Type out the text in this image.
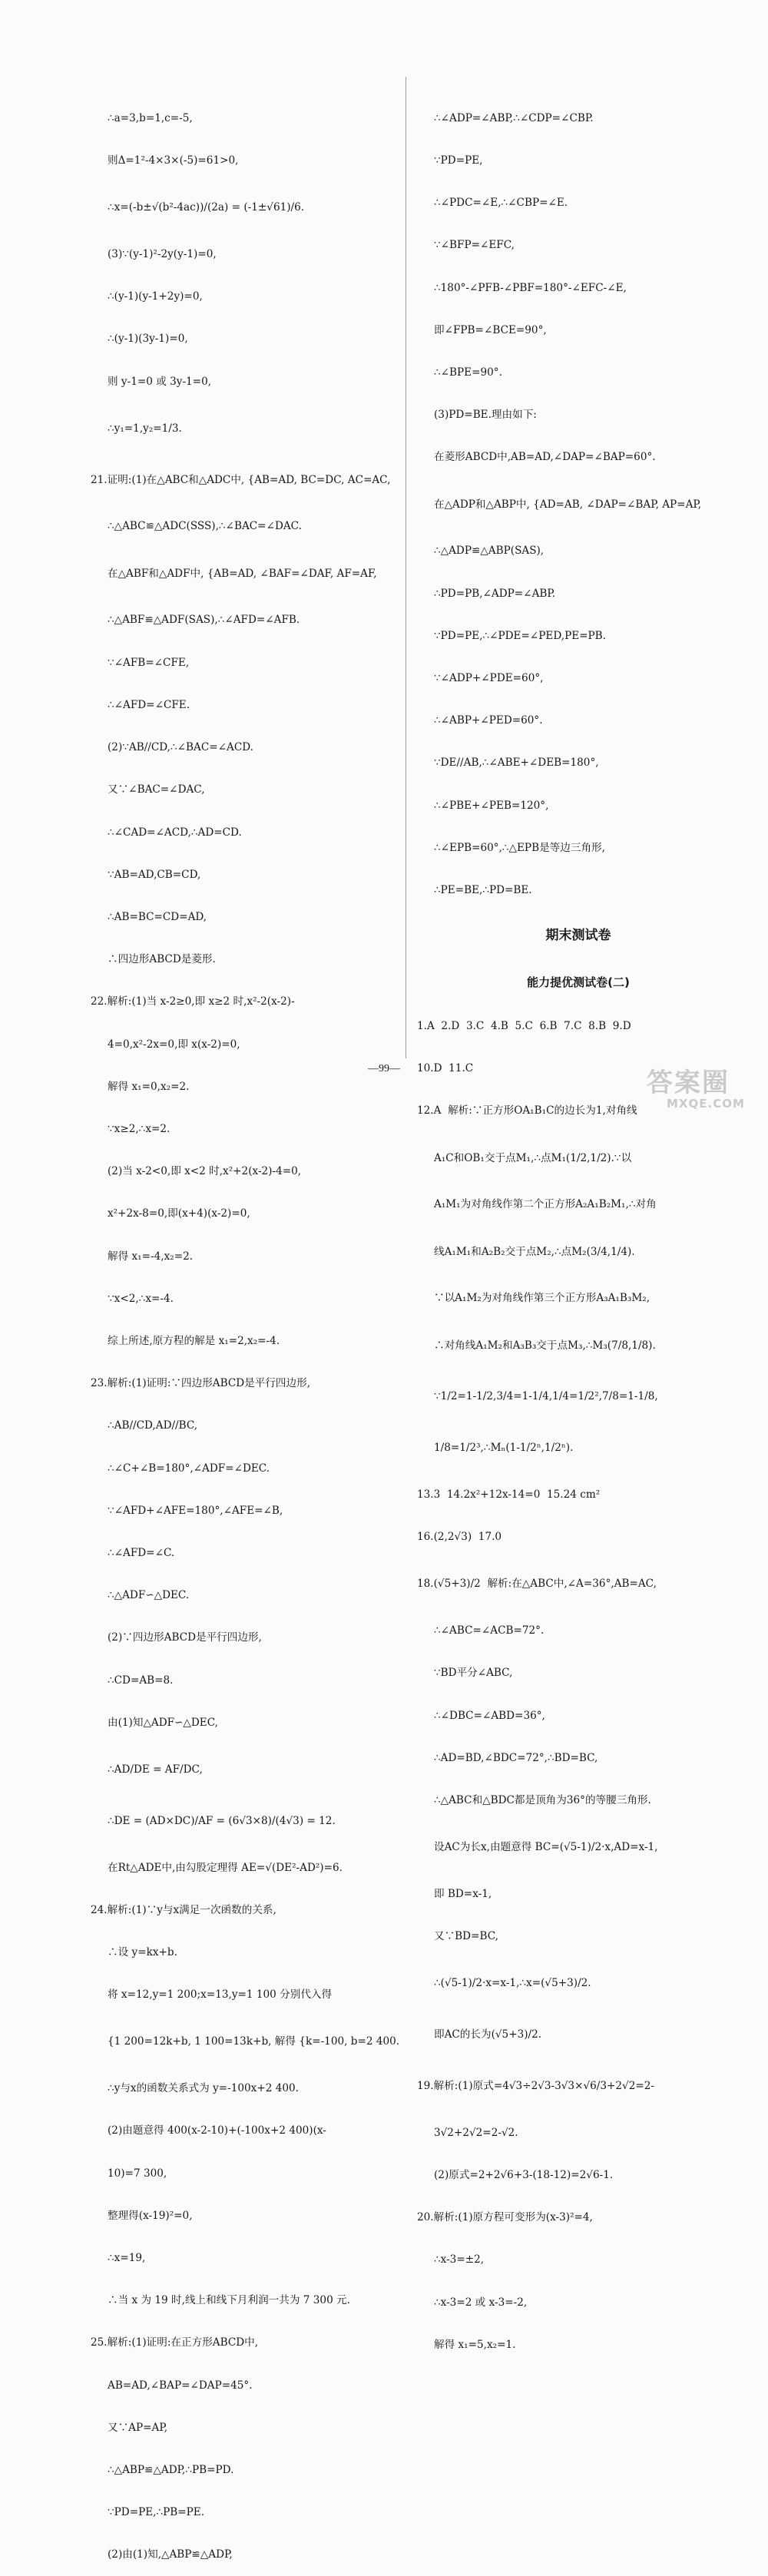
∴a=3,b=1,c=-5,

则Δ=1²-4×3×(-5)=61>0,

∴x=(-b±√(b²-4ac))/(2a) = (-1±√61)/6.

(3)∵(y-1)²-2y(y-1)=0,

∴(y-1)(y-1+2y)=0,

∴(y-1)(3y-1)=0,

则 y-1=0 或 3y-1=0,

∴y₁=1,y₂=1/3.

21.证明:(1)在△ABC和△ADC中, {AB=AD, BC=DC, AC=AC,

∴△ABC≌△ADC(SSS),∴∠BAC=∠DAC.

在△ABF和△ADF中, {AB=AD, ∠BAF=∠DAF, AF=AF,

∴△ABF≌△ADF(SAS),∴∠AFD=∠AFB.

∵∠AFB=∠CFE,

∴∠AFD=∠CFE.

(2)∵AB//CD,∴∠BAC=∠ACD.

又∵∠BAC=∠DAC,

∴∠CAD=∠ACD,∴AD=CD.

∵AB=AD,CB=CD,

∴AB=BC=CD=AD,

∴四边形ABCD是菱形.

22.解析:(1)当 x-2≥0,即 x≥2 时,x²-2(x-2)-

4=0,x²-2x=0,即 x(x-2)=0,

解得 x₁=0,x₂=2.

∵x≥2,∴x=2.

(2)当 x-2<0,即 x<2 时,x²+2(x-2)-4=0,

x²+2x-8=0,即(x+4)(x-2)=0,

解得 x₁=-4,x₂=2.

∵x<2,∴x=-4.

综上所述,原方程的解是 x₁=2,x₂=-4.

23.解析:(1)证明:∵四边形ABCD是平行四边形,

∴AB//CD,AD//BC,

∴∠C+∠B=180°,∠ADF=∠DEC.

∵∠AFD+∠AFE=180°,∠AFE=∠B,

∴∠AFD=∠C.

∴△ADF∽△DEC.

(2)∵四边形ABCD是平行四边形,

∴CD=AB=8.

由(1)知△ADF∽△DEC,

∴AD/DE = AF/DC,

∴DE = (AD×DC)/AF = (6√3×8)/(4√3) = 12.

在Rt△ADE中,由勾股定理得 AE=√(DE²-AD²)=6.

24.解析:(1)∵y与x满足一次函数的关系,

∴设 y=kx+b.

将 x=12,y=1 200;x=13,y=1 100 分别代入得

{1 200=12k+b, 1 100=13k+b, 解得 {k=-100, b=2 400.

∴y与x的函数关系式为 y=-100x+2 400.

(2)由题意得 400(x-2-10)+(-100x+2 400)(x-

10)=7 300,

整理得(x-19)²=0,

∴x=19,

∴当 x 为 19 时,线上和线下月利润一共为 7 300 元.

25.解析:(1)证明:在正方形ABCD中,

AB=AD,∠BAP=∠DAP=45°.

又∵AP=AP,

∴△ABP≌△ADP,∴PB=PD.

∵PD=PE,∴PB=PE.

(2)由(1)知,△ABP≌△ADP,

∴∠ADP=∠ABP,∴∠CDP=∠CBP.

∵PD=PE,

∴∠PDC=∠E,∴∠CBP=∠E.

∵∠BFP=∠EFC,

∴180°-∠PFB-∠PBF=180°-∠EFC-∠E,

即∠FPB=∠BCE=90°,

∴∠BPE=90°.

(3)PD=BE.理由如下:

在菱形ABCD中,AB=AD,∠DAP=∠BAP=60°.

在△ADP和△ABP中, {AD=AB, ∠DAP=∠BAP, AP=AP,

∴△ADP≌△ABP(SAS),

∴PD=PB,∠ADP=∠ABP.

∵PD=PE,∴∠PDE=∠PED,PE=PB.

∵∠ADP+∠PDE=60°,

∴∠ABP+∠PED=60°.

∵DE//AB,∴∠ABE+∠DEB=180°,

∴∠PBE+∠PEB=120°,

∴∠EPB=60°,∴△EPB是等边三角形,

∴PE=BE,∴PD=BE.

期末测试卷

能力提优测试卷(二)

1.A  2.D  3.C  4.B  5.C  6.B  7.C  8.B  9.D

10.D  11.C

12.A  解析:∵正方形OA₁B₁C的边长为1,对角线

A₁C和OB₁交于点M₁,∴点M₁(1/2,1/2).∵以

A₁M₁为对角线作第二个正方形A₂A₁B₂M₁,∴对角

线A₁M₁和A₂B₂交于点M₂,∴点M₂(3/4,1/4).

∵以A₁M₂为对角线作第三个正方形A₃A₁B₃M₂,

∴对角线A₁M₂和A₃B₃交于点M₃,∴M₃(7/8,1/8).

∵1/2=1-1/2,3/4=1-1/4,1/4=1/2²,7/8=1-1/8,

1/8=1/2³,∴Mₙ(1-1/2ⁿ,1/2ⁿ).

13.3  14.2x²+12x-14=0  15.24 cm²

16.(2,2√3)  17.0

18.(√5+3)/2  解析:在△ABC中,∠A=36°,AB=AC,

∴∠ABC=∠ACB=72°.

∵BD平分∠ABC,

∴∠DBC=∠ABD=36°,

∴AD=BD,∠BDC=72°,∴BD=BC,

∴△ABC和△BDC都是顶角为36°的等腰三角形.

设AC为长x,由题意得 BC=(√5-1)/2·x,AD=x-1,

即 BD=x-1,

又∵BD=BC,

∴(√5-1)/2·x=x-1,∴x=(√5+3)/2.

即AC的长为(√5+3)/2.

19.解析:(1)原式=4√3÷2√3-3√3×√6/3+2√2=2-

3√2+2√2=2-√2.

(2)原式=2+2√6+3-(18-12)=2√6-1.

20.解析:(1)原方程可变形为(x-3)²=4,

∴x-3=±2,

∴x-3=2 或 x-3=-2,

解得 x₁=5,x₂=1.

—99—	答案圈
MXQE.COM
